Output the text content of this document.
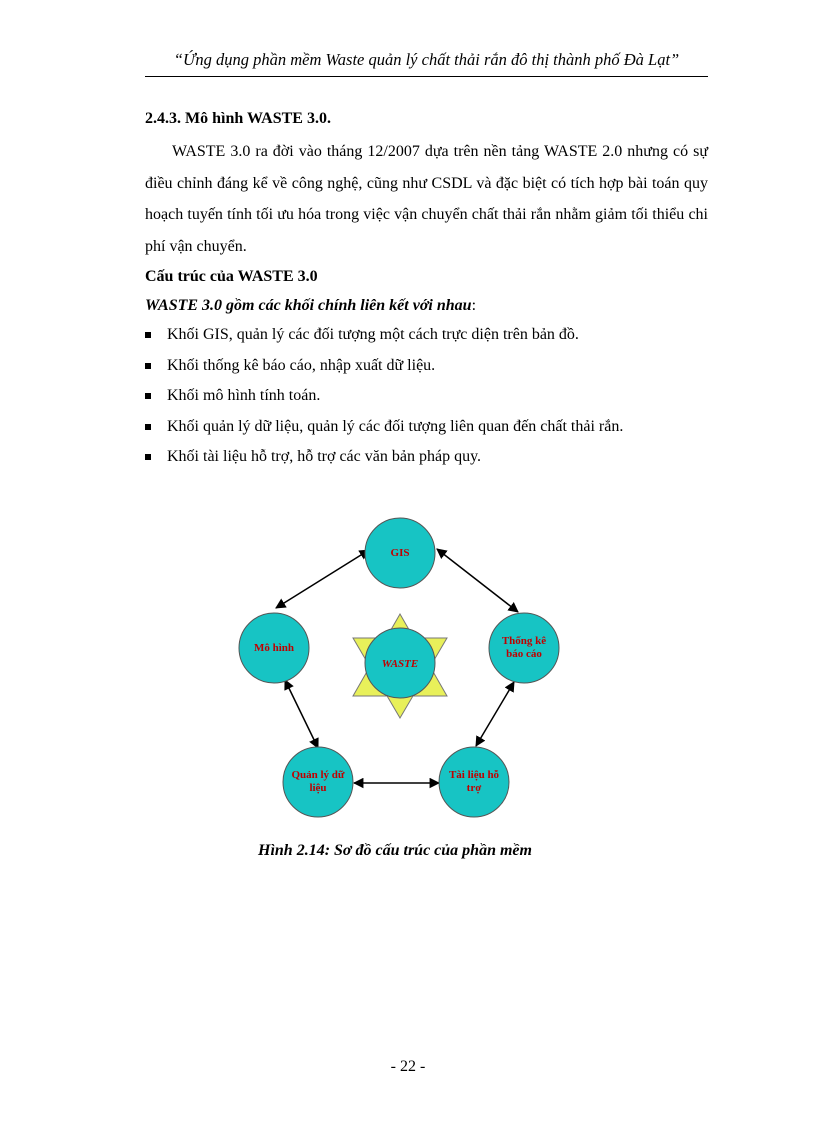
“Ứng dụng phần mềm Waste quản lý chất thải rắn đô thị thành phố Đà Lạt”
2.4.3. Mô hình WASTE 3.0.

WASTE 3.0 ra đời vào tháng 12/2007 dựa trên nền tảng WASTE 2.0 nhưng có sự điều chỉnh đáng kể về công nghệ, cũng như CSDL và đặc biệt có tích hợp bài toán quy hoạch tuyến tính tối ưu hóa trong việc vận chuyển chất thải rắn nhằm giảm tối thiểu chi phí vận chuyển.

Cấu trúc của WASTE 3.0
WASTE 3.0 gồm các khối chính liên kết với nhau:
Khối GIS, quản lý các đối tượng một cách trực diện trên bản đồ.
Khối thống kê báo cáo, nhập xuất dữ liệu.
Khối mô hình tính toán.
Khối quản lý dữ liệu, quản lý các đối tượng liên quan đến chất thải rắn.
Khối tài liệu hỗ trợ, hỗ trợ các văn bản pháp quy.
WASTE
GIS
Mô hình
Thống kê
báo cáo
Quản lý dữ
liệu
Tài liệu hỗ
trợ
Hình 2.14: Sơ đồ cấu trúc của phần mềm
- 22 -
